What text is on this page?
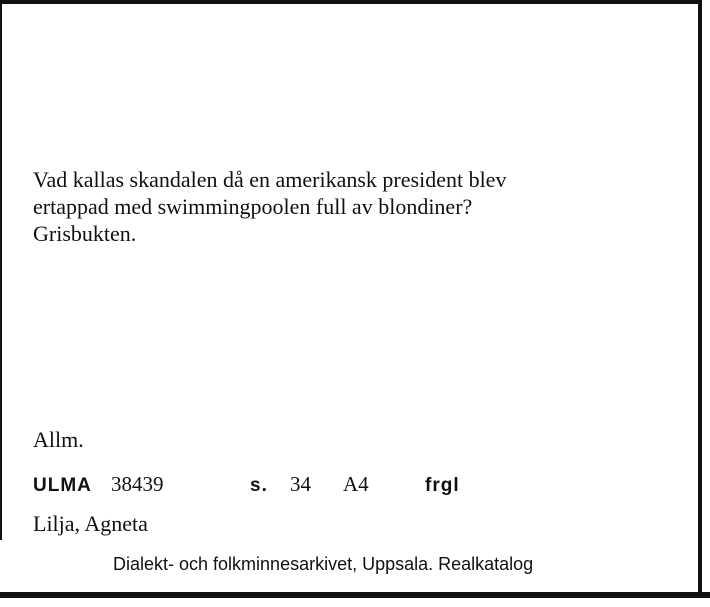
Vad kallas skandalen då en amerikansk president blev
ertappad med swimmingpoolen full av blondiner?
Grisbukten.

Allm.
ULMA 38439	s. 34 A4	frgl
Lilja, Agneta
Dialekt- och folkminnesarkivet, Uppsala. Realkatalog
